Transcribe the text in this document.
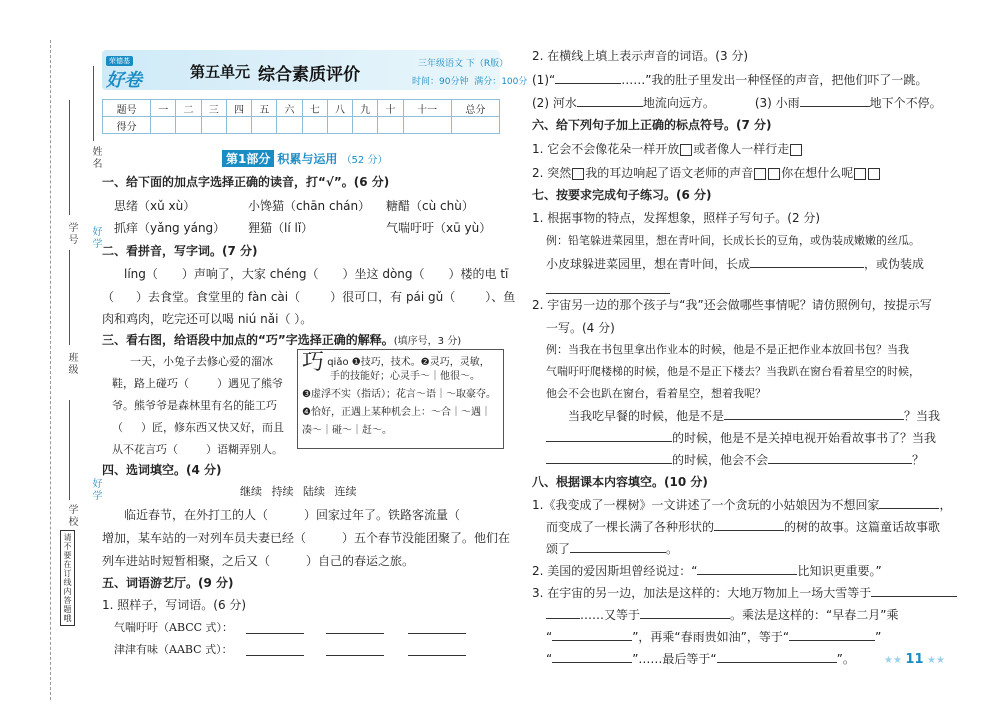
姓名
学号 好学
班级
好学
学校
请不要在订线内答题哦
荣德基
好卷	第五单元 综合素质评价
三年级语文 下（R版）
时间：90分钟 满分：100分
题号	一	二	三	四	五	六	七	八	九	十	十一	总分
得分												
第1部分 积累与运用 （52 分）
一、给下面的加点字选择正确的读音，打“√”。(6 分)
思绪（xǔ xù）	小馋猫（chān chán） 糖醋（cù chù）
抓痒（yǎng yáng） 狸猫（lí lǐ）	气喘吁吁（xū yù）
二、看拼音，写字词。(7 分)
líng（ ）声响了，大家 chéng（ ）坐这 dòng（ ）楼的电 tī
（ ）去食堂。食堂里的 fàn cài（	）很可口，有 pái gǔ（	）、鱼
肉和鸡肉，吃完还可以喝 niú nǎi（ ）。
三、看右图，给语段中加点的“巧”字选择正确的解释。(填序号，3 分)
一天，小兔子去修心爱的溜冰
鞋，路上碰巧（	）遇见了熊爷
爷。熊爷爷是森林里有名的能工巧
（ ）匠，修东西又快又好，而且
从不花言巧（	）语糊弄别人。
巧 qiǎo ❶技巧，技术。❷灵巧，灵敏，
手的技能好；心灵手～｜他很～。
❸虚浮不实（指话）；花言～语｜～取豪夺。
❹恰好，正遇上某种机会上：～合｜～遇｜
凑～｜碰～｜赶～。
四、选词填空。(4 分)
继续 持续 陆续 连续
临近春节，在外打工的人（	）回家过年了。铁路客流量（
增加，某车站的一对列车员夫妻已经（	）五个春节没能团聚了。他们在
列车进站时短暂相聚，之后又（	）自己的春运之旅。
五、词语游艺厅。(9 分)
1. 照样子，写词语。(6 分)
气喘吁吁（ABCC 式）：
津津有味（AABC 式）：
2. 在横线上填上表示声音的词语。(3 分)
(1)“	……”我的肚子里发出一种怪怪的声音，把他们吓了一跳。
(2) 河水	地流向远方。	(3) 小雨	地下个不停。
六、给下列句子加上正确的标点符号。(7 分)
1. 它会不会像花朵一样开放 或者像人一样行走
2. 突然 我的耳边响起了语文老师的声音 你在想什么呢
七、按要求完成句子练习。(6 分)
1. 根据事物的特点，发挥想象，照样子写句子。(2 分)
例：铅笔躲进菜园里，想在青叶间，长成长长的豆角，或伪装成嫩嫩的丝瓜。
小皮球躲进菜园里，想在青叶间，长成	，或伪装成
2. 宇宙另一边的那个孩子与“我”还会做哪些事情呢？请仿照例句，按提示写
一写。(4 分)
例：当我在书包里拿出作业本的时候，他是不是正把作业本放回书包？当我
气喘吁吁爬楼梯的时候，他是不是正下楼去？当我趴在窗台看着星空的时候，
他会不会也趴在窗台，看着星空，想着我呢？
当我吃早餐的时候，他是不是	？当我
的时候，他是不是关掉电视开始看故事书了？当我
的时候，他会不会	？
八、根据课本内容填空。(10 分)
1.《我变成了一棵树》一文讲述了一个贪玩的小姑娘因为不想回家	，
而变成了一棵长满了各种形状的	的树的故事。这篇童话故事歌
颂了	。
2. 美国的爱因斯坦曾经说过：“	比知识更重要。”
3. 在宇宙的另一边，加法是这样的：大地万物加上一场大雪等于
……又等于	。乘法是这样的：“早春二月”乘
“	”，再乘“春雨贵如油”，等于“	”
“	”……最后等于“	”。	★★ 11 ★★
